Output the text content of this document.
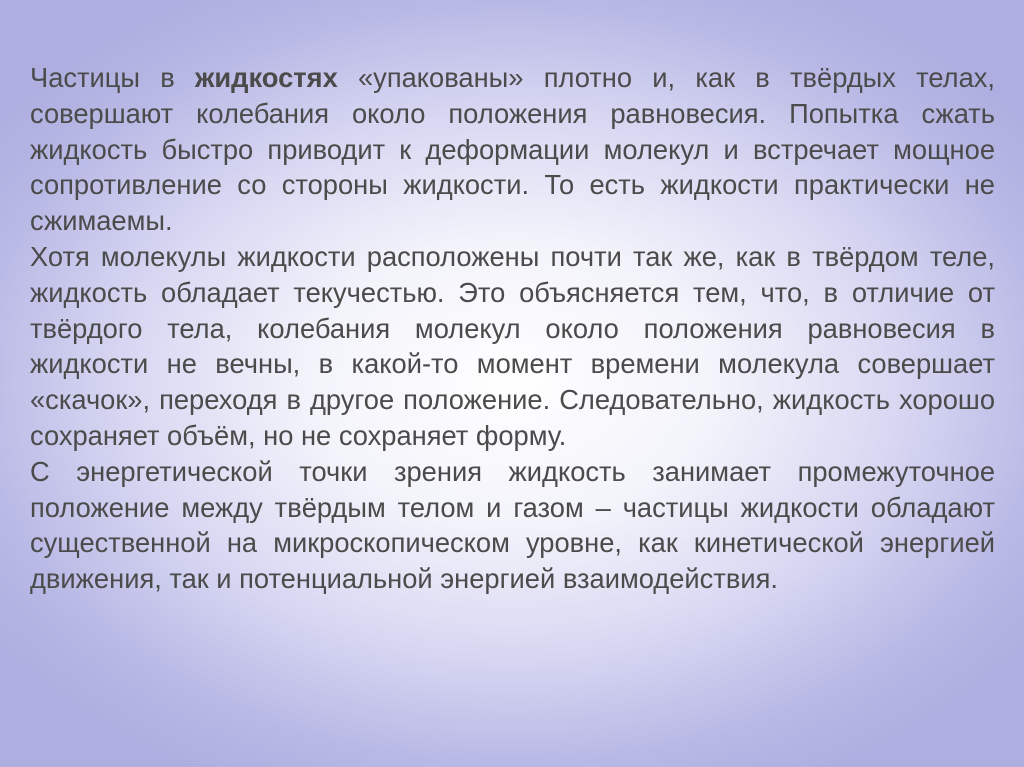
Частицы в жидкостях «упакованы» плотно и, как в твёрдых телах, совершают колебания около положения равновесия. Попытка сжать жидкость быстро приводит к деформации молекул и встречает мощное сопротивление со стороны жидкости. То есть жидкости практически не сжимаемы.

Хотя молекулы жидкости расположены почти так же, как в твёрдом теле, жидкость обладает текучестью. Это объясняется тем, что, в отличие от твёрдого тела, колебания молекул около положения равновесия в жидкости не вечны, в какой-то момент времени молекула совершает «скачок», переходя в другое положение. Следовательно, жидкость хорошо сохраняет объём, но не сохраняет форму.

С энергетической точки зрения жидкость занимает промежуточное положение между твёрдым телом и газом – частицы жидкости обладают существенной на микроскопическом уровне, как кинетической энергией движения, так и потенциальной энергией взаимодействия.
